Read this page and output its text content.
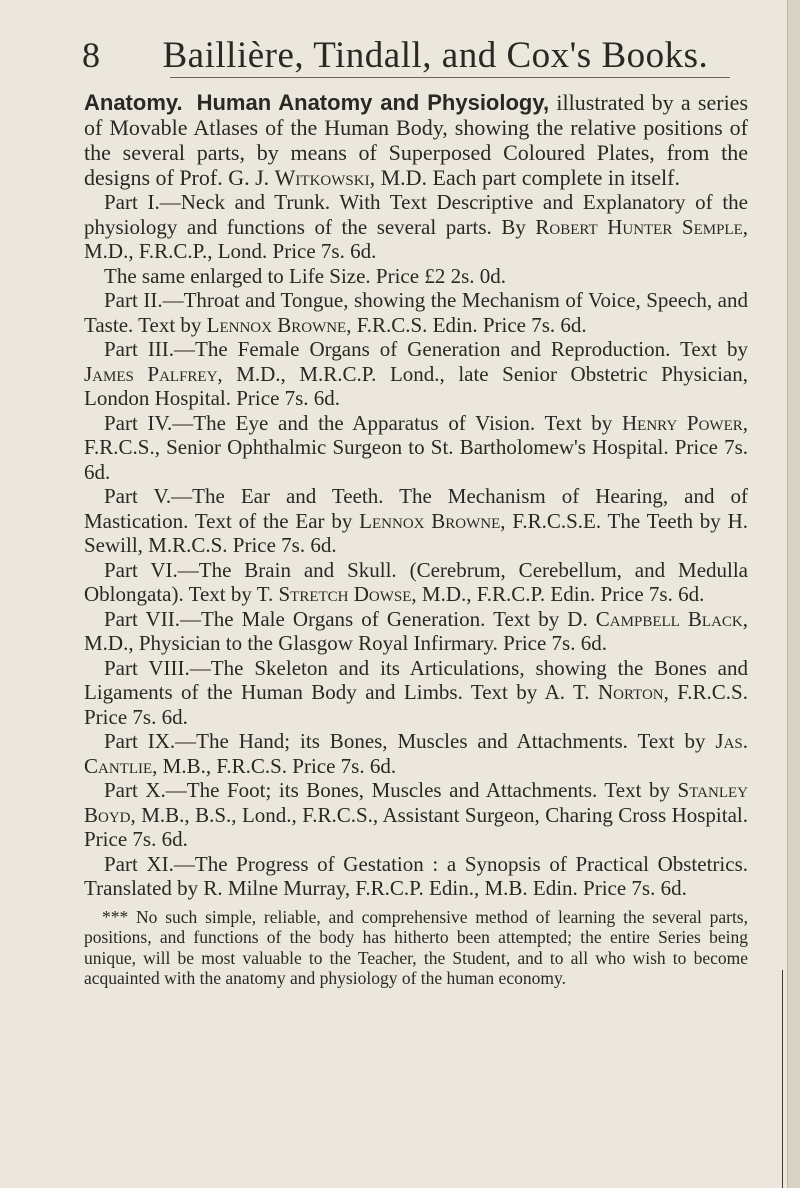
8 Baillière, Tindall, and Cox's Books.
Anatomy. Human Anatomy and Physiology, illustrated by a series of Movable Atlases of the Human Body, showing the relative positions of the several parts, by means of Superposed Coloured Plates, from the designs of Prof. G. J. Witkowski, M.D. Each part complete in itself.

Part I.—Neck and Trunk. With Text Descriptive and Explanatory of the physiology and functions of the several parts. By Robert Hunter Semple, M.D., F.R.C.P., Lond. Price 7s. 6d.

The same enlarged to Life Size. Price £2 2s. 0d.

Part II.—Throat and Tongue, showing the Mechanism of Voice, Speech, and Taste. Text by Lennox Browne, F.R.C.S. Edin. Price 7s. 6d.

Part III.—The Female Organs of Generation and Reproduction. Text by James Palfrey, M.D., M.R.C.P. Lond., late Senior Obstetric Physician, London Hospital. Price 7s. 6d.

Part IV.—The Eye and the Apparatus of Vision. Text by Henry Power, F.R.C.S., Senior Ophthalmic Surgeon to St. Bartholomew's Hospital. Price 7s. 6d.

Part V.—The Ear and Teeth. The Mechanism of Hearing, and of Mastication. Text of the Ear by Lennox Browne, F.R.C.S.E. The Teeth by H. Sewill, M.R.C.S. Price 7s. 6d.

Part VI.—The Brain and Skull. (Cerebrum, Cerebellum, and Medulla Oblongata). Text by T. Stretch Dowse, M.D., F.R.C.P. Edin. Price 7s. 6d.

Part VII.—The Male Organs of Generation. Text by D. Campbell Black, M.D., Physician to the Glasgow Royal Infirmary. Price 7s. 6d.

Part VIII.—The Skeleton and its Articulations, showing the Bones and Ligaments of the Human Body and Limbs. Text by A. T. Norton, F.R.C.S. Price 7s. 6d.

Part IX.—The Hand; its Bones, Muscles and Attachments. Text by Jas. Cantlie, M.B., F.R.C.S. Price 7s. 6d.

Part X.—The Foot; its Bones, Muscles and Attachments. Text by Stanley Boyd, M.B., B.S., Lond., F.R.C.S., Assistant Surgeon, Charing Cross Hospital. Price 7s. 6d.

Part XI.—The Progress of Gestation : a Synopsis of Practical Obstetrics. Translated by R. Milne Murray, F.R.C.P. Edin., M.B. Edin. Price 7s. 6d.

*** No such simple, reliable, and comprehensive method of learning the several parts, positions, and functions of the body has hitherto been attempted; the entire Series being unique, will be most valuable to the Teacher, the Student, and to all who wish to become acquainted with the anatomy and physiology of the human economy.
